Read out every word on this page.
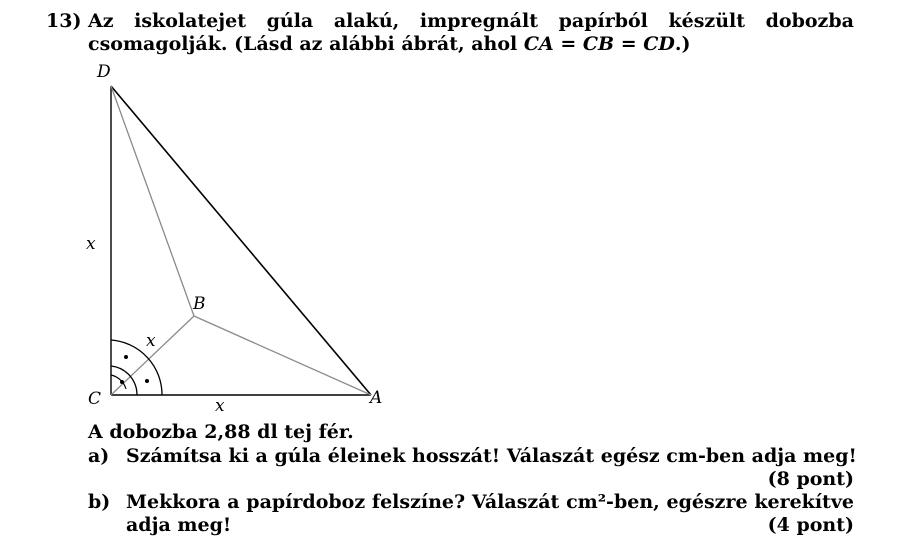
13) Az iskolatejet gúla alakú, impregnált papírból készült dobozba
csomagolják. (Lásd az alábbi ábrát, ahol CA = CB = CD.)
D
C
B
A
x
x
x
A dobozba 2,88 dl tej fér.
a) Számítsa ki a gúla éleinek hosszát! Válaszát egész cm-ben adja meg!
(8 pont)
b) Mekkora a papírdoboz felszíne? Válaszát cm²-ben, egészre kerekítve
adja meg!	(4 pont)
